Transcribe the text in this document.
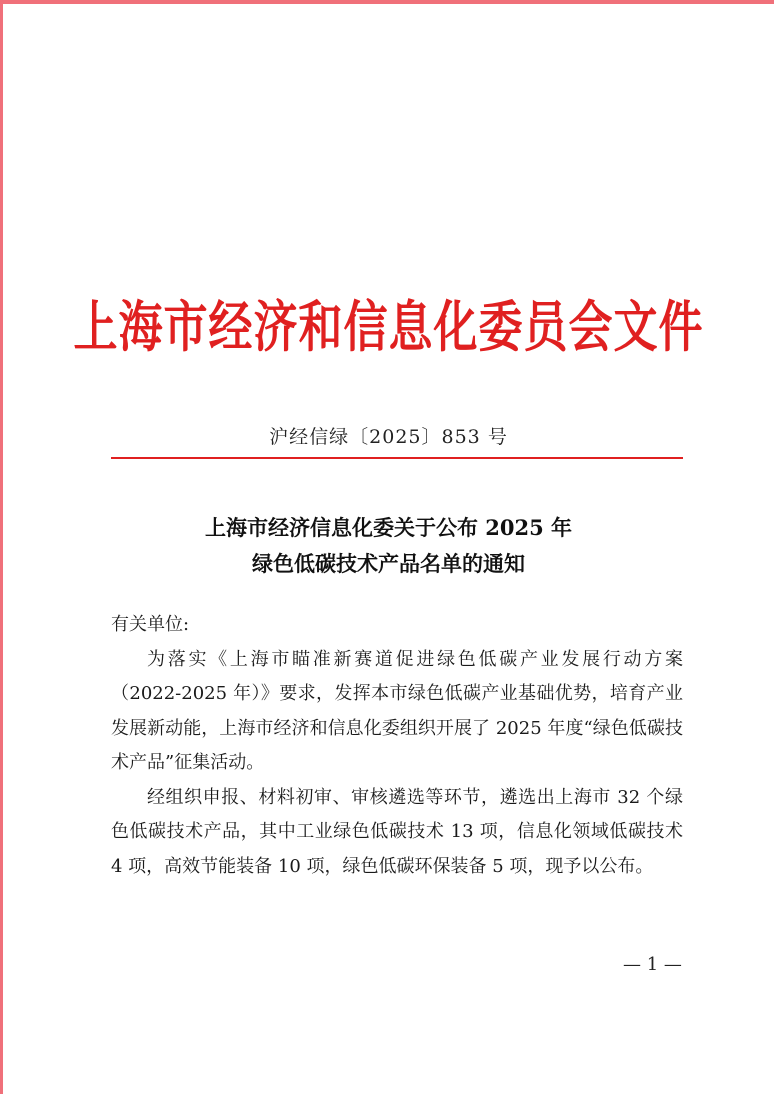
上海市经济和信息化委员会文件
沪经信绿〔2025〕853 号
上海市经济信息化委关于公布 2025 年
绿色低碳技术产品名单的通知
有关单位:

为落实《上海市瞄准新赛道促进绿色低碳产业发展行动方案（2022-2025 年）》要求，发挥本市绿色低碳产业基础优势，培育产业发展新动能，上海市经济和信息化委组织开展了 2025 年度“绿色低碳技术产品”征集活动。

经组织申报、材料初审、审核遴选等环节，遴选出上海市 32 个绿色低碳技术产品，其中工业绿色低碳技术 13 项，信息化领域低碳技术 4 项，高效节能装备 10 项，绿色低碳环保装备 5 项，现予以公布。

— 1 —
